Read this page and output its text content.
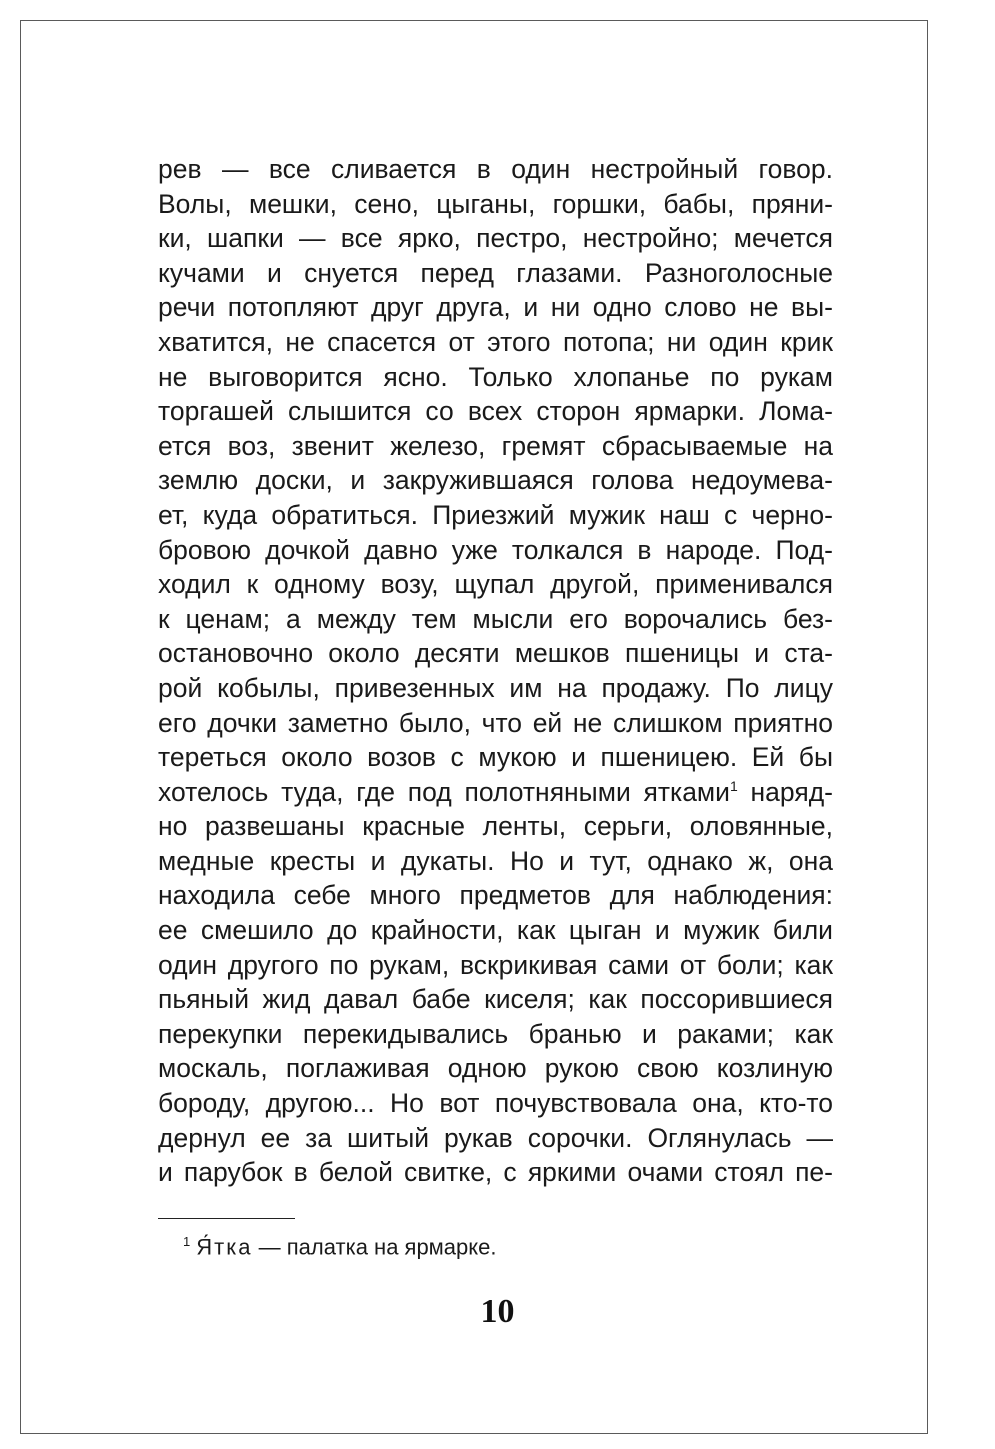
рев — все сливается в один нестройный говор.
Волы, мешки, сено, цыганы, горшки, бабы, пряни-
ки, шапки — все ярко, пестро, нестройно; мечется
кучами и снуется перед глазами. Разноголосные
речи потопляют друг друга, и ни одно слово не вы-
хватится, не спасется от этого потопа; ни один крик
не выговорится ясно. Только хлопанье по рукам
торгашей слышится со всех сторон ярмарки. Лома-
ется воз, звенит железо, гремят сбрасываемые на
землю доски, и закружившаяся голова недоумева-
ет, куда обратиться. Приезжий мужик наш с черно-
бровою дочкой давно уже толкался в народе. Под-
ходил к одному возу, щупал другой, применивался
к ценам; а между тем мысли его ворочались без-
остановочно около десяти мешков пшеницы и ста-
рой кобылы, привезенных им на продажу. По лицу
его дочки заметно было, что ей не слишком приятно
тереться около возов с мукою и пшеницею. Ей бы
хотелось туда, где под полотняными ятками$^1$ наряд-
но развешаны красные ленты, серьги, оловянные,
медные кресты и дукаты. Но и тут, однако ж, она
находила себе много предметов для наблюдения:
ее смешило до крайности, как цыган и мужик били
один другого по рукам, вскрикивая сами от боли; как
пьяный жид давал бабе киселя; как поссорившиеся
перекупки перекидывались бранью и раками; как
москаль, поглаживая одною рукою свою козлиную
бороду, другою... Но вот почувствовала она, кто-то
дернул ее за шитый рукав сорочки. Оглянулась —
и парубок в белой свитке, с яркими очами стоял пе-
$^1$ Я́тка — палатка на ярмарке.
10
